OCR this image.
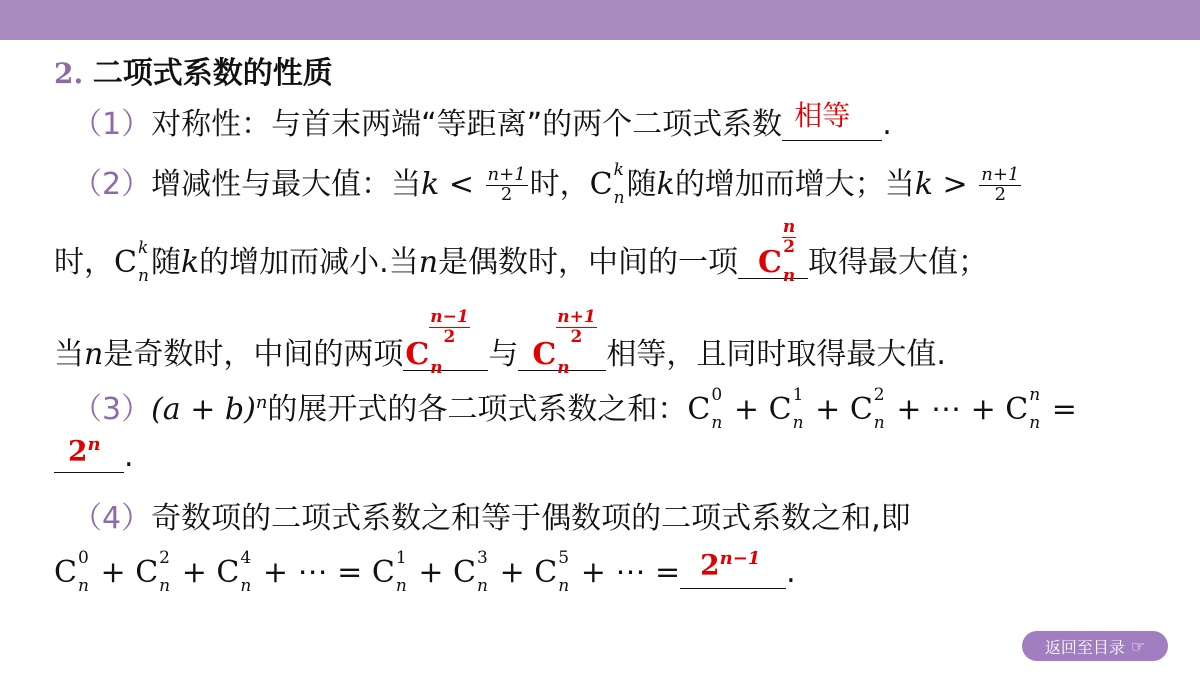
2. 二项式系数的性质
（1）对称性：与首末两端“等距离”的两个二项式系数 相等 .
（2）增减性与最大值：当$k < \frac{n+1}{2}$ 时，C k
n 随k的增加而增大；当$k > \frac{n+1}{2}$
时，C k
n 随k的增加而减小.当n是偶数时，中间的一项 C n
$\frac{n}{2}$
取得最大值；
当n是奇数时，中间的两项 C n
$\frac{n-1}{2}$
与 C n
$\frac{n+1}{2}$
相等，且同时取得最大值.
$(3)(a + b)^n$的展开式的各二项式系数之和：C 0
n + C 1
n + C 2
n + ⋯ + C n
n =
$2^n$ .
（4）奇数项的二项式系数之和等于偶数项的二项式系数之和,即
C 0
n + C 2
n + C 4
n + ⋯ = C 1
n + C 3
n + C 5
n + ⋯ = $2^{n-1}$ .
返回至目录 ☞
